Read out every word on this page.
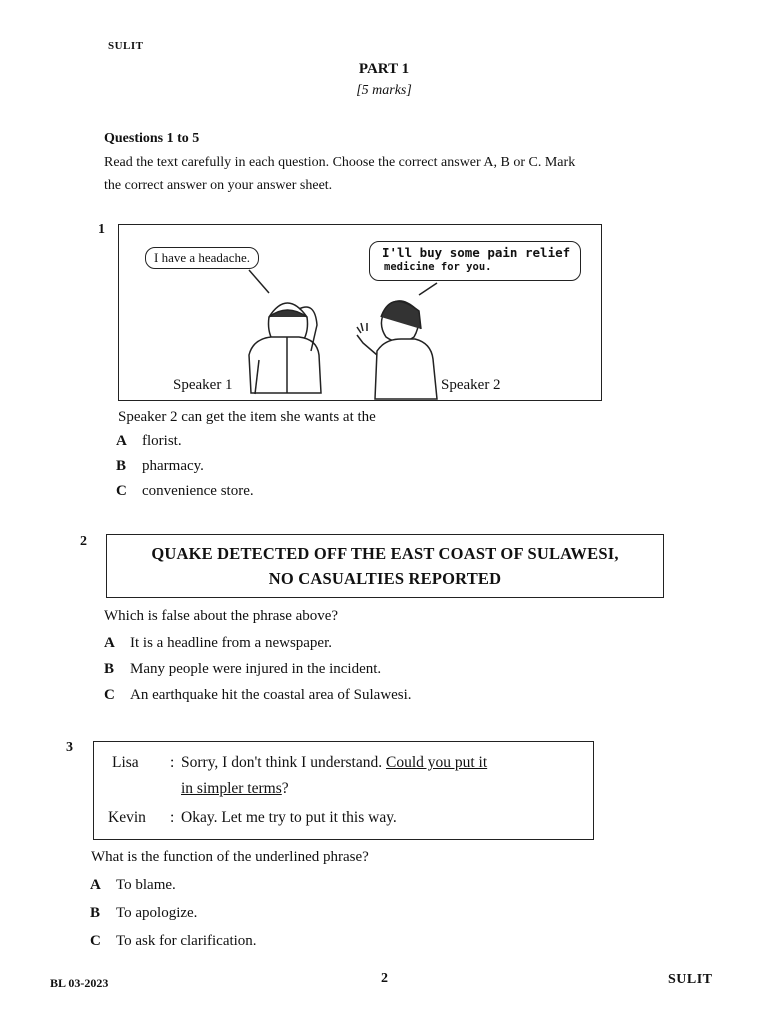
SULIT
PART 1
[5 marks]
Questions 1 to 5
Read the text carefully in each question. Choose the correct answer A, B or C. Mark
the correct answer on your answer sheet.
1
I have a headache.	I'll buy some pain relief
medicine for you.
Speaker 1	Speaker 2
Speaker 2 can get the item she wants at the
A florist.
B pharmacy.
C convenience store.
2
QUAKE DETECTED OFF THE EAST COAST OF SULAWESI,
NO CASUALTIES REPORTED
Which is false about the phrase above?
A It is a headline from a newspaper.
B Many people were injured in the incident.
C An earthquake hit the coastal area of Sulawesi.
3
Lisa : Sorry, I don't think I understand. Could you put it
in simpler terms?
Kevin : Okay. Let me try to put it this way.
What is the function of the underlined phrase?
A To blame.
B To apologize.
C To ask for clarification.
BL 03-2023	2	SULIT
